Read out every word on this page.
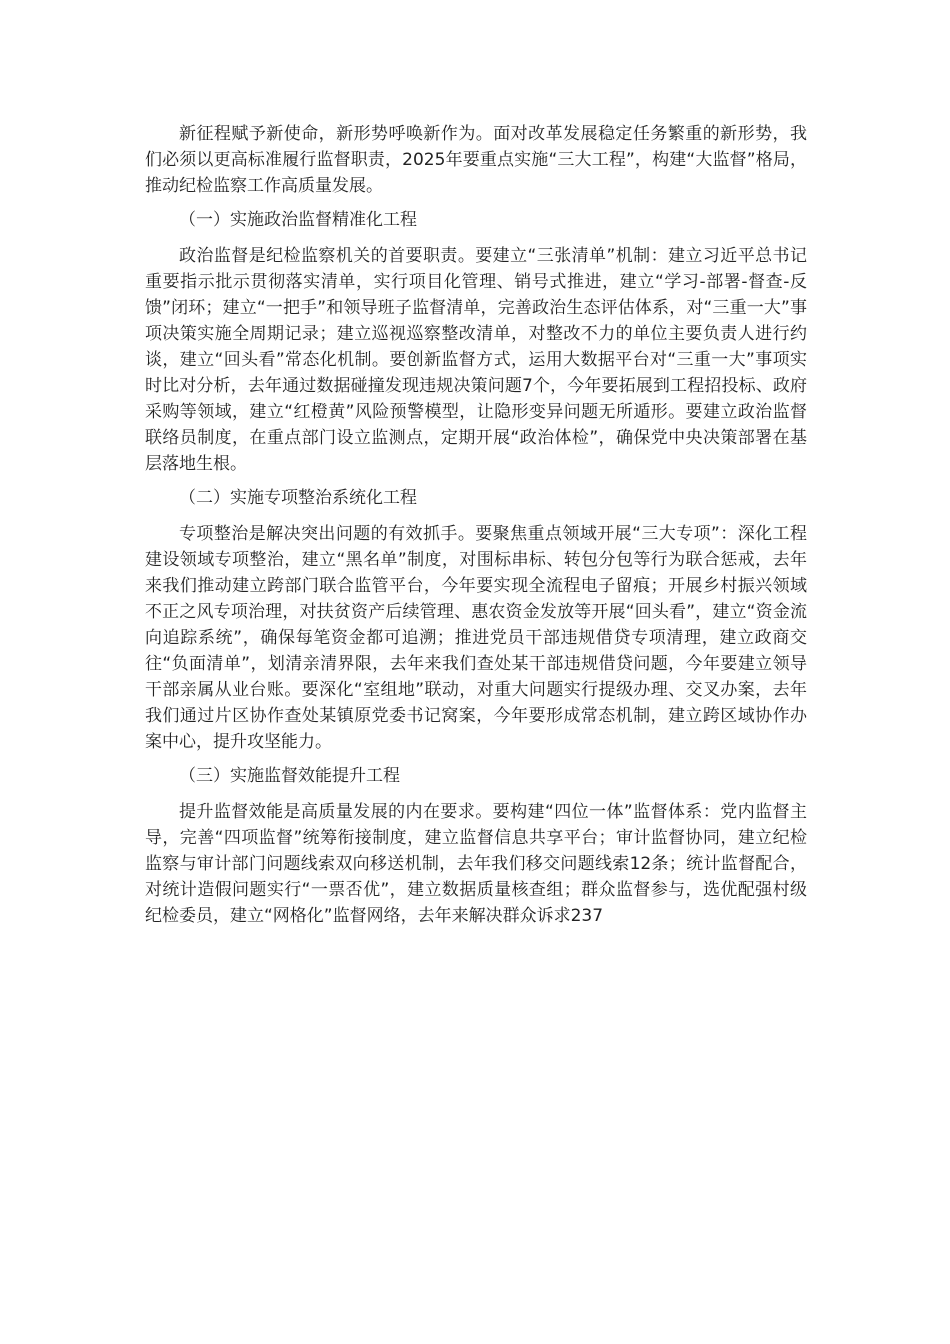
新征程赋予新使命，新形势呼唤新作为。面对改革发展稳定任务繁重的新形势，我们必须以更高标准履行监督职责，2025年要重点实施“三大工程”，构建“大监督”格局，推动纪检监察工作高质量发展。

（一）实施政治监督精准化工程

政治监督是纪检监察机关的首要职责。要建立“三张清单”机制：建立习近平总书记重要指示批示贯彻落实清单，实行项目化管理、销号式推进，建立“学习-部署-督查-反馈”闭环；建立“一把手”和领导班子监督清单，完善政治生态评估体系，对“三重一大”事项决策实施全周期记录；建立巡视巡察整改清单，对整改不力的单位主要负责人进行约谈，建立“回头看”常态化机制。要创新监督方式，运用大数据平台对“三重一大”事项实时比对分析，去年通过数据碰撞发现违规决策问题7个，今年要拓展到工程招投标、政府采购等领域，建立“红橙黄”风险预警模型，让隐形变异问题无所遁形。要建立政治监督联络员制度，在重点部门设立监测点，定期开展“政治体检”，确保党中央决策部署在基层落地生根。

（二）实施专项整治系统化工程

专项整治是解决突出问题的有效抓手。要聚焦重点领域开展“三大专项”：深化工程建设领域专项整治，建立“黑名单”制度，对围标串标、转包分包等行为联合惩戒，去年来我们推动建立跨部门联合监管平台，今年要实现全流程电子留痕；开展乡村振兴领域不正之风专项治理，对扶贫资产后续管理、惠农资金发放等开展“回头看”，建立“资金流向追踪系统”，确保每笔资金都可追溯；推进党员干部违规借贷专项清理，建立政商交往“负面清单”，划清亲清界限，去年来我们查处某干部违规借贷问题，今年要建立领导干部亲属从业台账。要深化“室组地”联动，对重大问题实行提级办理、交叉办案，去年我们通过片区协作查处某镇原党委书记窝案，今年要形成常态机制，建立跨区域协作办案中心，提升攻坚能力。

（三）实施监督效能提升工程

提升监督效能是高质量发展的内在要求。要构建“四位一体”监督体系：党内监督主导，完善“四项监督”统筹衔接制度，建立监督信息共享平台；审计监督协同，建立纪检监察与审计部门问题线索双向移送机制，去年我们移交问题线索12条；统计监督配合，对统计造假问题实行“一票否优”，建立数据质量核查组；群众监督参与，选优配强村级纪检委员，建立“网格化”监督网络，去年来解决群众诉求237
